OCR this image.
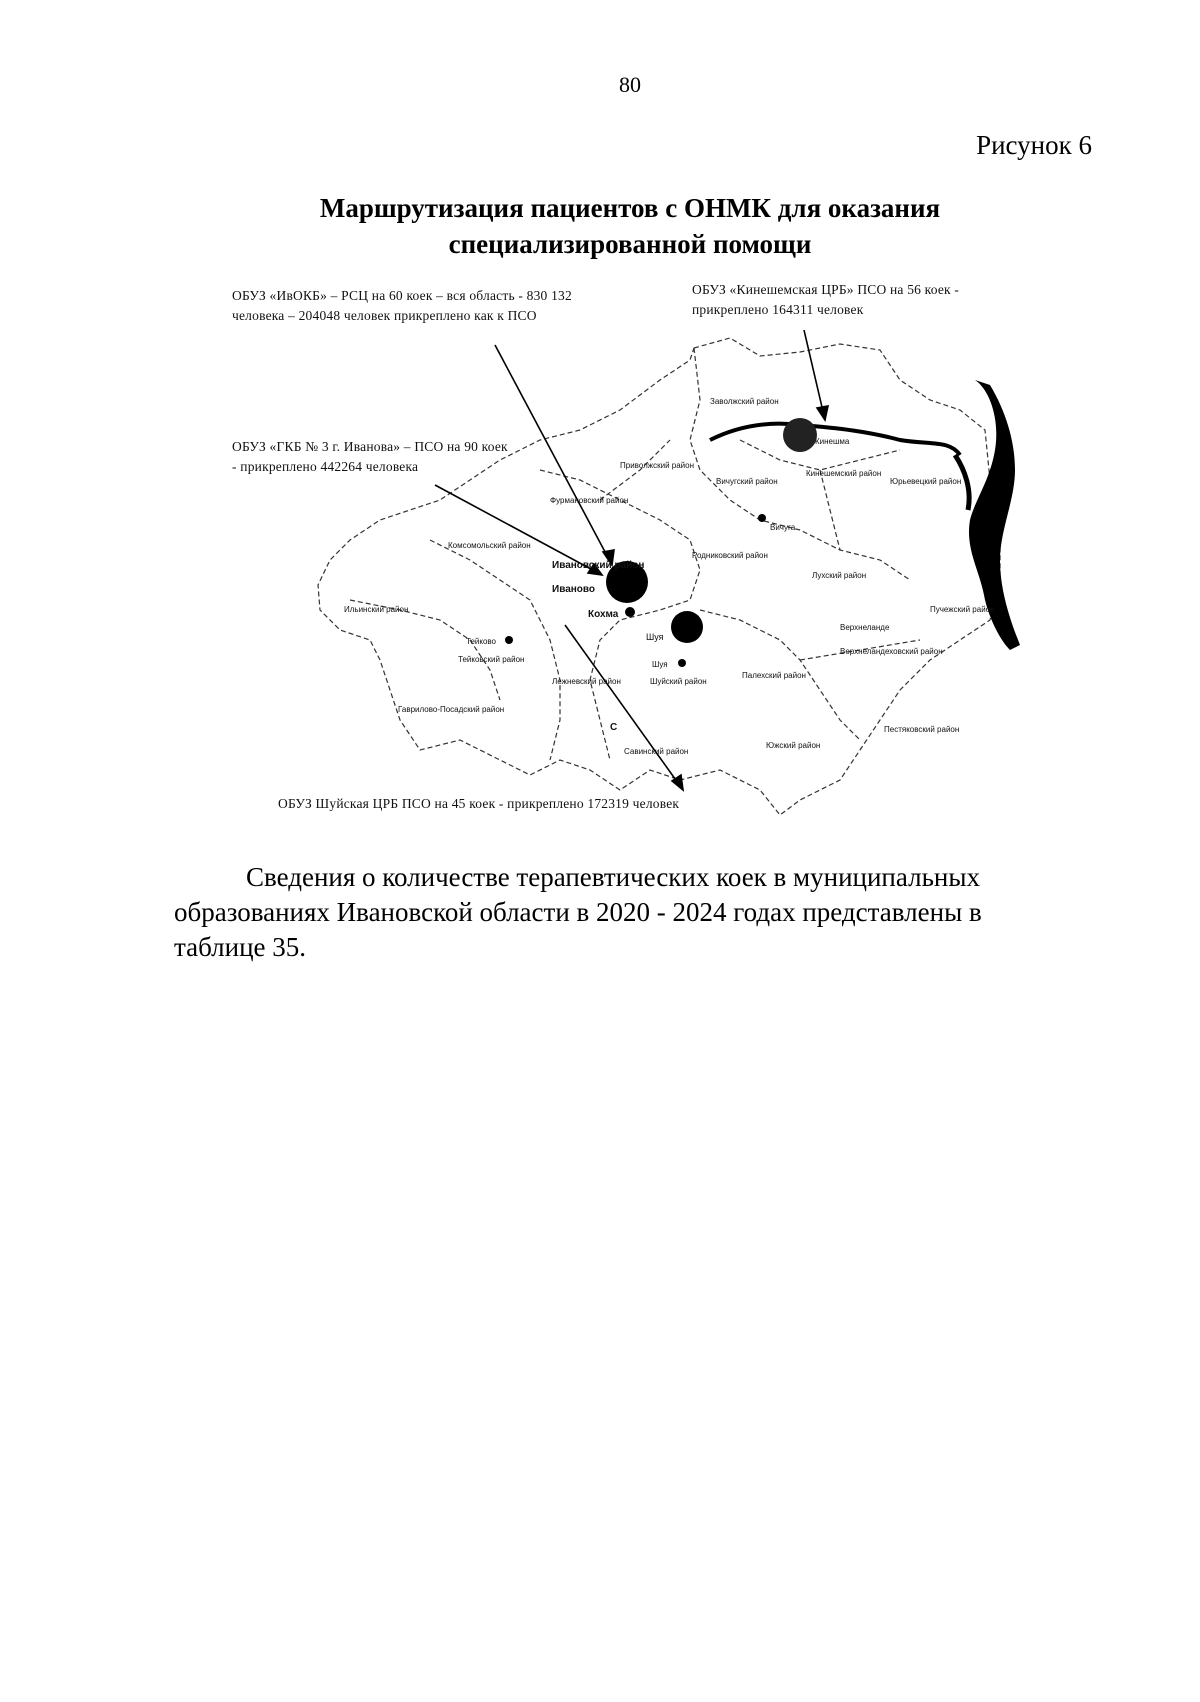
80
Рисунок 6
Маршрутизация пациентов с ОНМК для оказания
специализированной помощи
Заволжский район
Кинешма
Приволжский район
Вичугский район
Кинешемский район
Юрьевецкий район
Фурмановский район
Вичуга
Комсомольский район
Ивановский район
Иваново
Родниковский район
Лухский район
Ильинский район	Кохма	Пучежский район
Тейково	Шуя
Верхнеланде
Тейковский район
Шуя
Верхнеландеховский район
Лежневский район	Шуйский район
Палехский район
Гаврилово-Посадский район
С
Савинский район
Южский район
Пестяковский район
ОБУЗ «ИвОКБ» – РСЦ на 60 коек – вся область - 830 132 человека – 204048 человек прикреплено как к ПСО
ОБУЗ «Кинешемская ЦРБ» ПСО на 56 коек - прикреплено 164311 человек
ОБУЗ «ГКБ № 3 г. Иванова» – ПСО на 90 коек - прикреплено 442264 человека
ОБУЗ Шуйская ЦРБ ПСО на 45 коек - прикреплено 172319 человек
Сведения о количестве терапевтических коек в муниципальных образованиях Ивановской области в 2020 - 2024 годах представлены в таблице 35.
